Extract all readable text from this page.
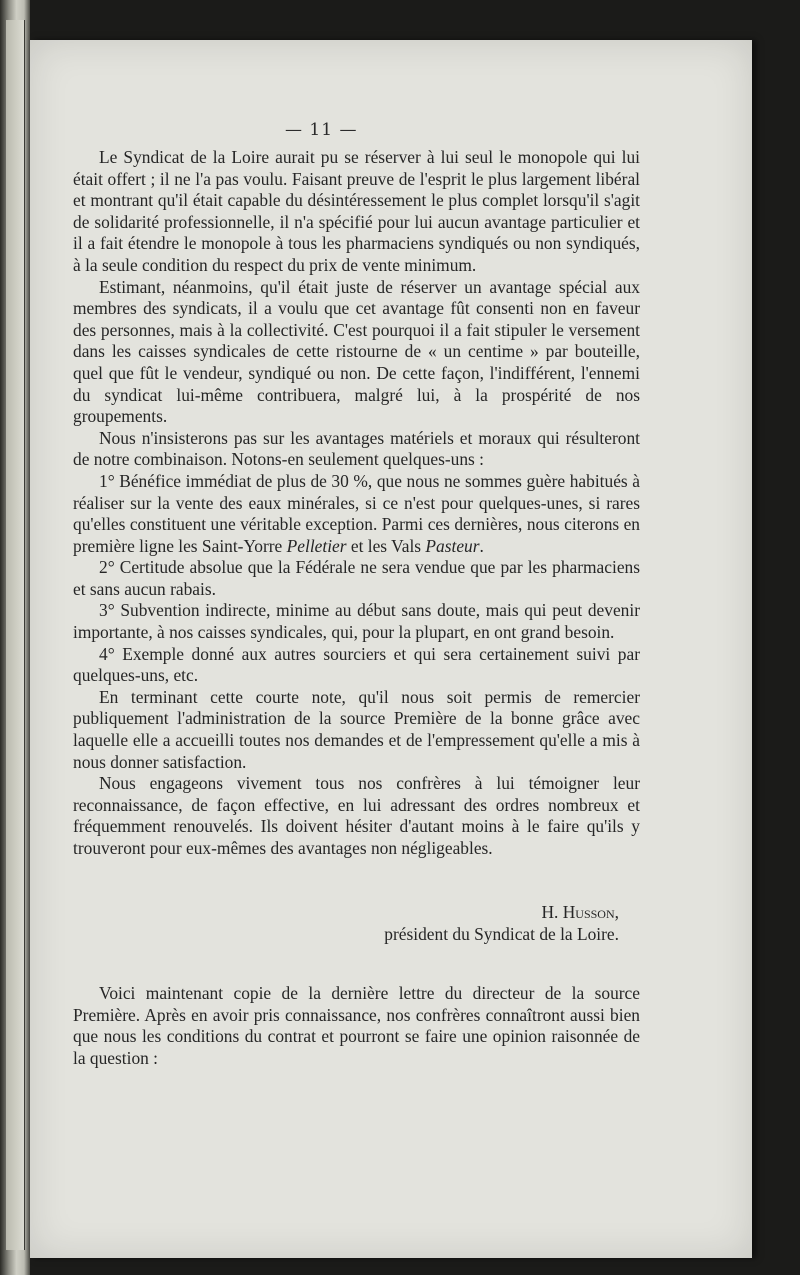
— 11 —

Le Syndicat de la Loire aurait pu se réserver à lui seul le monopole qui lui était offert ; il ne l'a pas voulu. Faisant preuve de l'esprit le plus largement libéral et montrant qu'il était capable du désintéressement le plus complet lorsqu'il s'agit de solidarité professionnelle, il n'a spécifié pour lui aucun avantage particulier et il a fait étendre le monopole à tous les pharmaciens syndiqués ou non syndiqués, à la seule condition du respect du prix de vente minimum.

Estimant, néanmoins, qu'il était juste de réserver un avantage spécial aux membres des syndicats, il a voulu que cet avantage fût consenti non en faveur des personnes, mais à la collectivité. C'est pourquoi il a fait stipuler le versement dans les caisses syndicales de cette ristourne de « un centime » par bouteille, quel que fût le vendeur, syndiqué ou non. De cette façon, l'indifférent, l'ennemi du syndicat lui-même contribuera, malgré lui, à la prospérité de nos groupements.

Nous n'insisterons pas sur les avantages matériels et moraux qui résulteront de notre combinaison. Notons-en seulement quelques-uns :

1° Bénéfice immédiat de plus de 30 %, que nous ne sommes guère habitués à réaliser sur la vente des eaux minérales, si ce n'est pour quelques-unes, si rares qu'elles constituent une véritable exception. Parmi ces dernières, nous citerons en première ligne les Saint-Yorre Pelletier et les Vals Pasteur.

2° Certitude absolue que la Fédérale ne sera vendue que par les pharmaciens et sans aucun rabais.

3° Subvention indirecte, minime au début sans doute, mais qui peut devenir importante, à nos caisses syndicales, qui, pour la plupart, en ont grand besoin.

4° Exemple donné aux autres sourciers et qui sera certainement suivi par quelques-uns, etc.

En terminant cette courte note, qu'il nous soit permis de remercier publiquement l'administration de la source Première de la bonne grâce avec laquelle elle a accueilli toutes nos demandes et de l'empressement qu'elle a mis à nous donner satisfaction.

Nous engageons vivement tous nos confrères à lui témoigner leur reconnaissance, de façon effective, en lui adressant des ordres nombreux et fréquemment renouvelés. Ils doivent hésiter d'autant moins à le faire qu'ils y trouveront pour eux-mêmes des avantages non négligeables.

H. Husson,
président du Syndicat de la Loire.

Voici maintenant copie de la dernière lettre du directeur de la source Première. Après en avoir pris connaissance, nos confrères connaîtront aussi bien que nous les conditions du contrat et pourront se faire une opinion raisonnée de la question :
